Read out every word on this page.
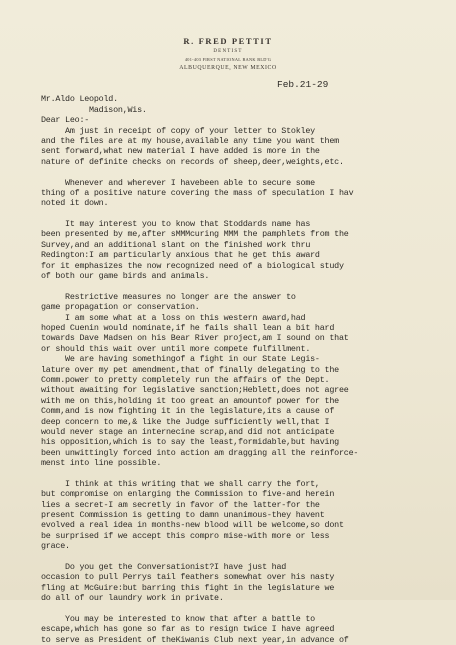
R. FRED PETTIT
DENTIST
401-403 FIRST NATIONAL BANK BLD'G
ALBUQUERQUE, NEW MEXICO
Feb.21-29
Mr.Aldo Leopold.
Madison,Wis.
Dear Leo:-
Am just in receipt of copy of your letter to Stokley
and the files are at my house,available any time you want them
sent forward,what new material I have added is more in the
nature of definite checks on records of sheep,deer,weights,etc.
Whenever and wherever I havebeen able to secure some
thing of a positive nature covering the mass of speculation I hav
noted it down.
It may interest you to know that Stoddards name has
been presented by me,after sMMMcuring MMM the pamphlets from the
Survey,and an additional slant on the finished work thru
Redington:I am particularly anxious that he get this award
for it emphasizes the now recognized need of a biological study
of both our game birds and animals.
Restrictive measures no longer are the answer to
game propagation or conservation.
I am some what at a loss on this western award,had
hoped Cuenin would nominate,if he fails shall lean a bit hard
towards Dave Madsen on his Bear River project,am I sound on that
or should this wait over until more compete fulfillment.
We are having somethingof a fight in our State Legis-
lature over my pet amendment,that of finally delegating to the
Comm.power to pretty completely run the affairs of the Dept.
without awaiting for legislative sanction;Heblett,does not agree
with me on this,holding it too great an amountof power for the
Comm,and is now fighting it in the legislature,its a cause of
deep concern to me,& like the Judge sufficiently well,that I
would never stage an internecine scrap,and did not anticipate
his opposition,which is to say the least,formidable,but having
been unwittingly forced into action am dragging all the reinforce-
menst into line possible.
I think at this writing that we shall carry the fort,
but compromise on enlarging the Commission to five-and herein
lies a secret-I am secretly in favor of the latter-for the
present Commission is getting to damn unanimous-they havent
evolved a real idea in months-new blood will be welcome,so dont
be surprised if we accept this compro mise-with more or less
grace.
Do you get the Conversationist?I have just had
occasion to pull Perrys tail feathers somewhat over his nasty
fling at McGuire:but barring this fight in the legislature we
do all of our laundry work in private.
You may be interested to know that after a battle to
escape,which has gone so far as to resign twice I have agreed
to serve as President of theKiwanis Club next year,in advance of
